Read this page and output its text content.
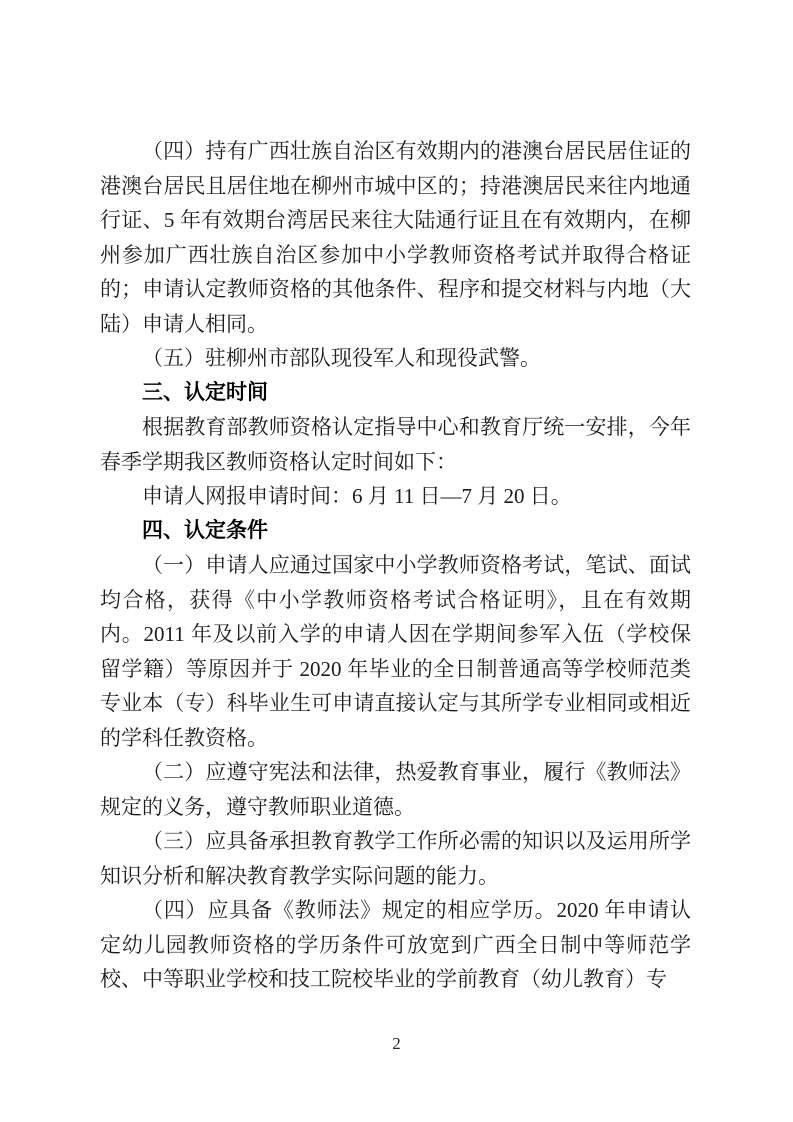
（四）持有广西壮族自治区有效期内的港澳台居民居住证的港澳台居民且居住地在柳州市城中区的；持港澳居民来往内地通行证、5 年有效期台湾居民来往大陆通行证且在有效期内，在柳州参加广西壮族自治区参加中小学教师资格考试并取得合格证的；申请认定教师资格的其他条件、程序和提交材料与内地（大陆）申请人相同。

（五）驻柳州市部队现役军人和现役武警。

三、认定时间

根据教育部教师资格认定指导中心和教育厅统一安排，今年春季学期我区教师资格认定时间如下：

申请人网报申请时间：6 月 11 日—7 月 20 日。

四、认定条件

（一）申请人应通过国家中小学教师资格考试，笔试、面试均合格，获得《中小学教师资格考试合格证明》，且在有效期内。2011 年及以前入学的申请人因在学期间参军入伍（学校保留学籍）等原因并于 2020 年毕业的全日制普通高等学校师范类专业本（专）科毕业生可申请直接认定与其所学专业相同或相近的学科任教资格。

（二）应遵守宪法和法律，热爱教育事业，履行《教师法》规定的义务，遵守教师职业道德。

（三）应具备承担教育教学工作所必需的知识以及运用所学知识分析和解决教育教学实际问题的能力。

（四）应具备《教师法》规定的相应学历。2020 年申请认定幼儿园教师资格的学历条件可放宽到广西全日制中等师范学校、中等职业学校和技工院校毕业的学前教育（幼儿教育）专

2
